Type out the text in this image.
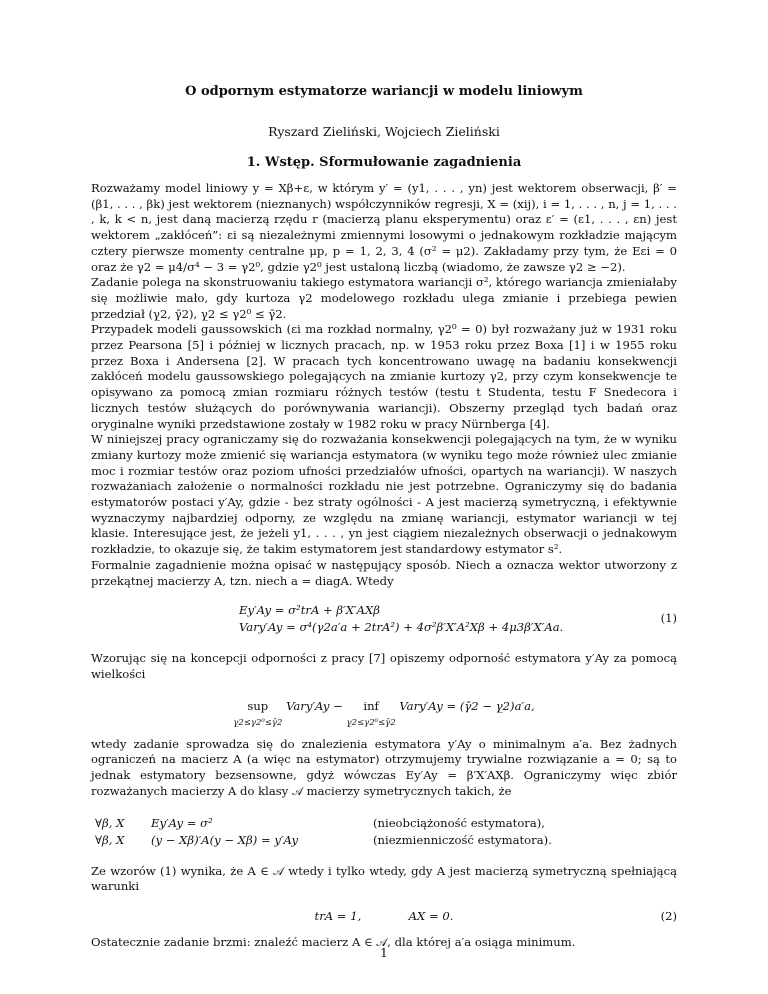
O odpornym estymatorze wariancji w modelu liniowym
Ryszard Zieliński, Wojciech Zieliński
1. Wstęp. Sformułowanie zagadnienia

Rozważamy model liniowy y = Xβ+ε, w którym y′ = (y1, . . . , yn) jest wektorem obserwacji, β′ = (β1, . . . , βk) jest wektorem (nieznanych) współczynników regresji, X = (xij), i = 1, . . . , n, j = 1, . . . , k, k < n, jest daną macierzą rzędu r (macierzą planu eksperymentu) oraz ε′ = (ε1, . . . , εn) jest wektorem „zakłóceń”: εi są niezależnymi zmiennymi losowymi o jednakowym rozkładzie mającym cztery pierwsze momenty centralne μp, p = 1, 2, 3, 4 (σ² = μ2). Zakładamy przy tym, że Eεi = 0 oraz że γ2 = μ4/σ⁴ − 3 = γ2⁰, gdzie γ2⁰ jest ustaloną liczbą (wiadomo, że zawsze γ2 ≥ −2).

Zadanie polega na skonstruowaniu takiego estymatora wariancji σ², którego wariancja zmieniałaby się możliwie mało, gdy kurtoza γ2 modelowego rozkładu ulega zmianie i przebiega pewien przedział (γ̲2, γ̄2), γ̲2 ≤ γ2⁰ ≤ γ̄2.

Przypadek modeli gaussowskich (εi ma rozkład normalny, γ2⁰ = 0) był rozważany już w 1931 roku przez Pearsona [5] i później w licznych pracach, np. w 1953 roku przez Boxa [1] i w 1955 roku przez Boxa i Andersena [2]. W pracach tych koncentrowano uwagę na badaniu konsekwencji zakłóceń modelu gaussowskiego polegających na zmianie kurtozy γ2, przy czym konsekwencje te opisywano za pomocą zmian rozmiaru różnych testów (testu t Studenta, testu F Snedecora i licznych testów służących do porównywania wariancji). Obszerny przegląd tych badań oraz oryginalne wyniki przedstawione zostały w 1982 roku w pracy Nürnberga [4].

W niniejszej pracy ograniczamy się do rozważania konsekwencji polegających na tym, że w wyniku zmiany kurtozy może zmienić się wariancja estymatora (w wyniku tego może również ulec zmianie moc i rozmiar testów oraz poziom ufności przedziałów ufności, opartych na wariancji). W naszych rozważaniach założenie o normalności rozkładu nie jest potrzebne. Ograniczymy się do badania estymatorów postaci y′Ay, gdzie - bez straty ogólności - A jest macierzą symetryczną, i efektywnie wyznaczymy najbardziej odporny, ze względu na zmianę wariancji, estymator wariancji w tej klasie. Interesujące jest, że jeżeli y1, . . . , yn jest ciągiem niezależnych obserwacji o jednakowym rozkładzie, to okazuje się, że takim estymatorem jest standardowy estymator s².

Formalnie zagadnienie można opisać w następujący sposób. Niech a oznacza wektor utworzony z przekątnej macierzy A, tzn. niech a = diagA. Wtedy

Ey′Ay = σ²trA + β′X′AXβ
Vary′Ay = σ⁴(γ2a′a + 2trA²) + 4σ²β′X′A²Xβ + 4μ3β′X′Aa.
(1)

Wzorując się na koncepcji odporności z pracy [7] opiszemy odporność estymatora y′Ay za pomocą wielkości

sup
γ̲2≤γ2⁰≤γ̄2 Vary′Ay − inf
γ̲2≤γ2⁰≤γ̄2 Vary′Ay = (γ̄2 − γ̲2)a′a,

wtedy zadanie sprowadza się do znalezienia estymatora y′Ay o minimalnym a′a. Bez żadnych ograniczeń na macierz A (a więc na estymator) otrzymujemy trywialne rozwiązanie a = 0; są to jednak estymatory bezsensowne, gdyż wówczas Ey′Ay = β′X′AXβ. Ograniczymy więc zbiór rozważanych macierzy A do klasy 𝒜 macierzy symetrycznych takich, że

∀β, X	Ey′Ay = σ²	(nieobciążoność estymatora),
∀β, X	(y − Xβ)′A(y − Xβ) = y′Ay	(niezmienniczość estymatora).

Ze wzorów (1) wynika, że A ∈ 𝒜 wtedy i tylko wtedy, gdy A jest macierzą symetryczną spełniającą warunki

trA = 1,	AX = 0.	(2)

Ostatecznie zadanie brzmi: znaleźć macierz A ∈ 𝒜, dla której a′a osiąga minimum.

1
